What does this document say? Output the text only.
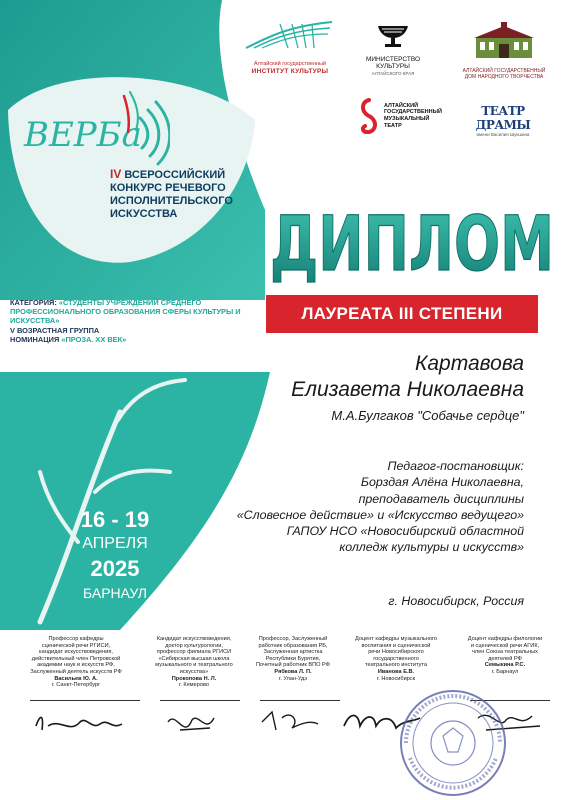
Алтайский государственный
ИНСТИТУТ КУЛЬТУРЫ
МИНИСТЕРСТВО
КУЛЬТУРЫ
АЛТАЙСКОГО КРАЯ	АЛТАЙСКИЙ ГОСУДАРСТВЕННЫЙ
ДОМ НАРОДНОГО ТВОРЧЕСТВА
АЛТАЙСКИЙ
ГОСУДАРСТВЕННЫЙ
МУЗЫКАЛЬНЫЙ
ТЕАТР
ТЕАТР ДРАМЫ
имени Василия Шукшина
ВЕРБа
IV ВСЕРОССИЙСКИЙ
КОНКУРС РЕЧЕВОГО
ИСПОЛНИТЕЛЬСКОГО
ИСКУССТВА
КАТЕГОРИЯ: «СТУДЕНТЫ УЧРЕЖДЕНИЙ СРЕДНЕГО ПРОФЕССИОНАЛЬНОГО ОБРАЗОВАНИЯ СФЕРЫ КУЛЬТУРЫ И ИСКУССТВА»
V ВОЗРАСТНАЯ ГРУППА
НОМИНАЦИЯ «ПРОЗА. XX ВЕК»
ДИПЛОМ
ЛАУРЕАТА III СТЕПЕНИ
Картавова
Елизавета Николаевна
М.А.Булгаков "Собачье сердце"
Педагог-постановщик:
Борздая Алёна Николаевна,
преподаватель дисциплины
«Словесное действие» и «Искусство ведущего»
ГАПОУ НСО «Новосибирский областной
колледж культуры и искусств»
г. Новосибирск, Россия
16 - 19
АПРЕЛЯ
2025
БАРНАУЛ
Профессор кафедры
сценической речи РГИСИ,
кандидат искусствоведения,
действительный член Петровской
академии наук и искусств РФ,
Заслуженный деятель искусств РФ
Васильев Ю. А.
г. Санкт-Петербург
Кандидат искусствоведения,
доктор культурологии,
профессор филиала РГИСИ
«Сибирская высшая школа
музыкального и театрального
искусства»
Прокопова Н. Л.
г. Кемерово
Профессор, Заслуженный
работник образования РБ,
Заслуженная артистка
Республики Бурятия,
Почетный работник ВПО РФ
Рябкова Л. П.
г. Улан-Удэ
Доцент кафедры музыкального
воспитания и сценической
речи Новосибирского
государственного
театрального института
Иванова Е.В.
г. Новосибирск
Доцент кафедры филологии
и сценической речи АГИК,
член Союза театральных
деятелей РФ
Семыкина Р.С.
г. Барнаул
